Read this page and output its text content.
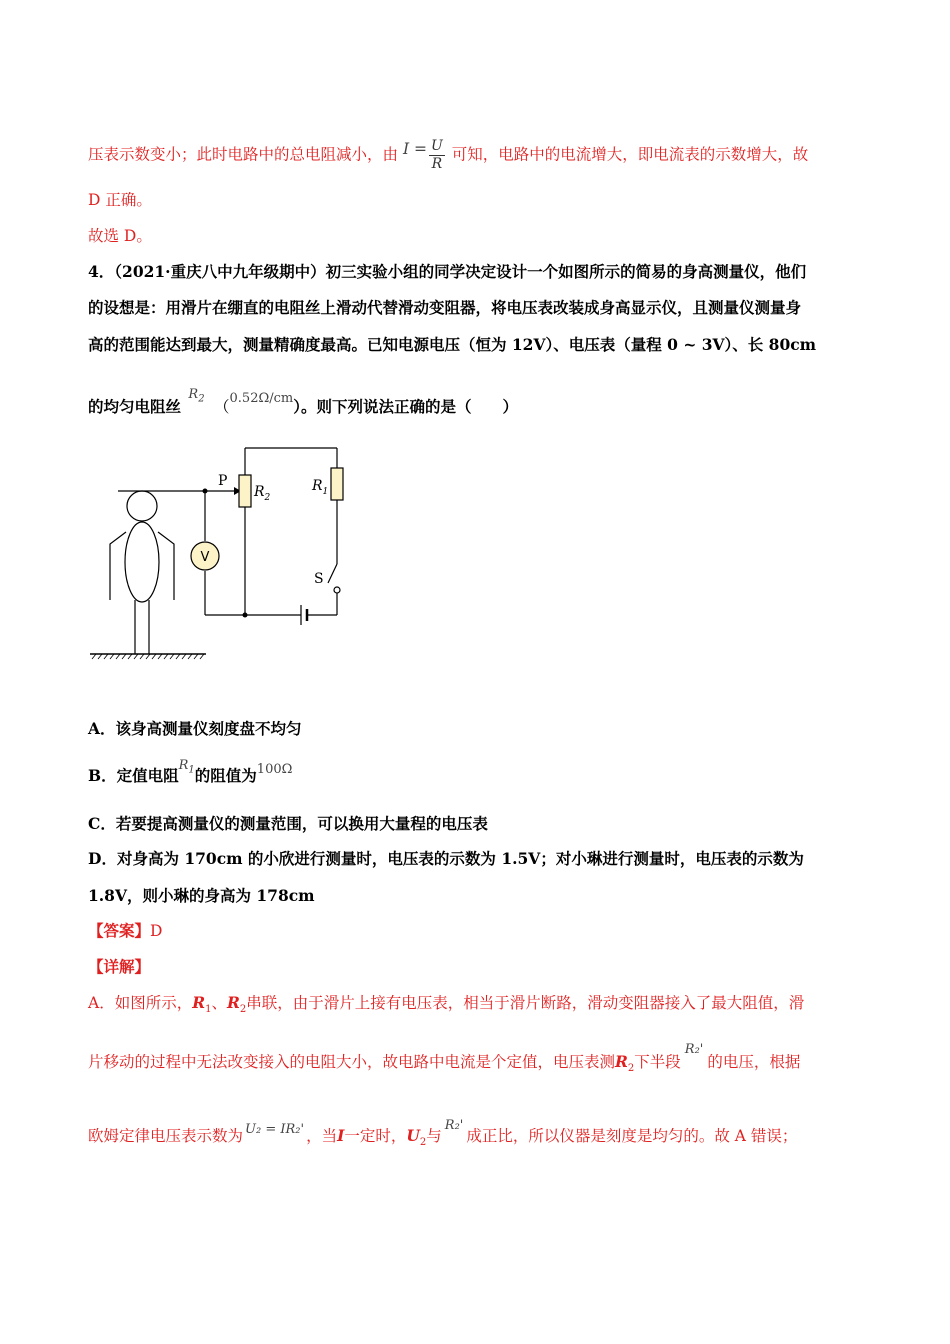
压表示数变小；此时电路中的总电阻减小，由 $I = \frac{U}{R}$ 可知，电路中的电流增大，即电流表的示数增大，故
D 正确。
故选 D。
4．（2021·重庆八中九年级期中）初三实验小组的同学决定设计一个如图所示的简易的身高测量仪，他们
的设想是：用滑片在绷直的电阻丝上滑动代替滑动变阻器，将电压表改装成身高显示仪，且测量仪测量身
高的范围能达到最大，测量精确度最高。已知电源电压（恒为 12V）、电压表（量程 0 ~ 3V）、长 80cm
的均匀电阻丝 $^{R_2}$ （$^{0.52\Omega/cm}$）。则下列说法正确的是（　　）
V
P
$R_2$
$R_1$
S
A．该身高测量仪刻度盘不均匀
B．定值电阻$^{R_1}$的阻值为$^{100\Omega}$
C．若要提高测量仪的测量范围，可以换用大量程的电压表
D．对身高为 170cm 的小欣进行测量时，电压表的示数为 1.5V；对小琳进行测量时，电压表的示数为
1.8V，则小琳的身高为 178cm
【答案】D
【详解】
A．如图所示，$R_1$、$R_2$串联，由于滑片上接有电压表，相当于滑片断路，滑动变阻器接入了最大阻值，滑
片移动的过程中无法改变接入的电阻大小，故电路中电流是个定值，电压表测$R_2$下半段$^{R_2'}$的电压，根据
欧姆定律电压表示数为 $^{U_2 = IR_2'}$ ，当I一定时，$U_2$与$^{R_2'}$成正比，所以仪器是刻度是均匀的。故 A 错误；
